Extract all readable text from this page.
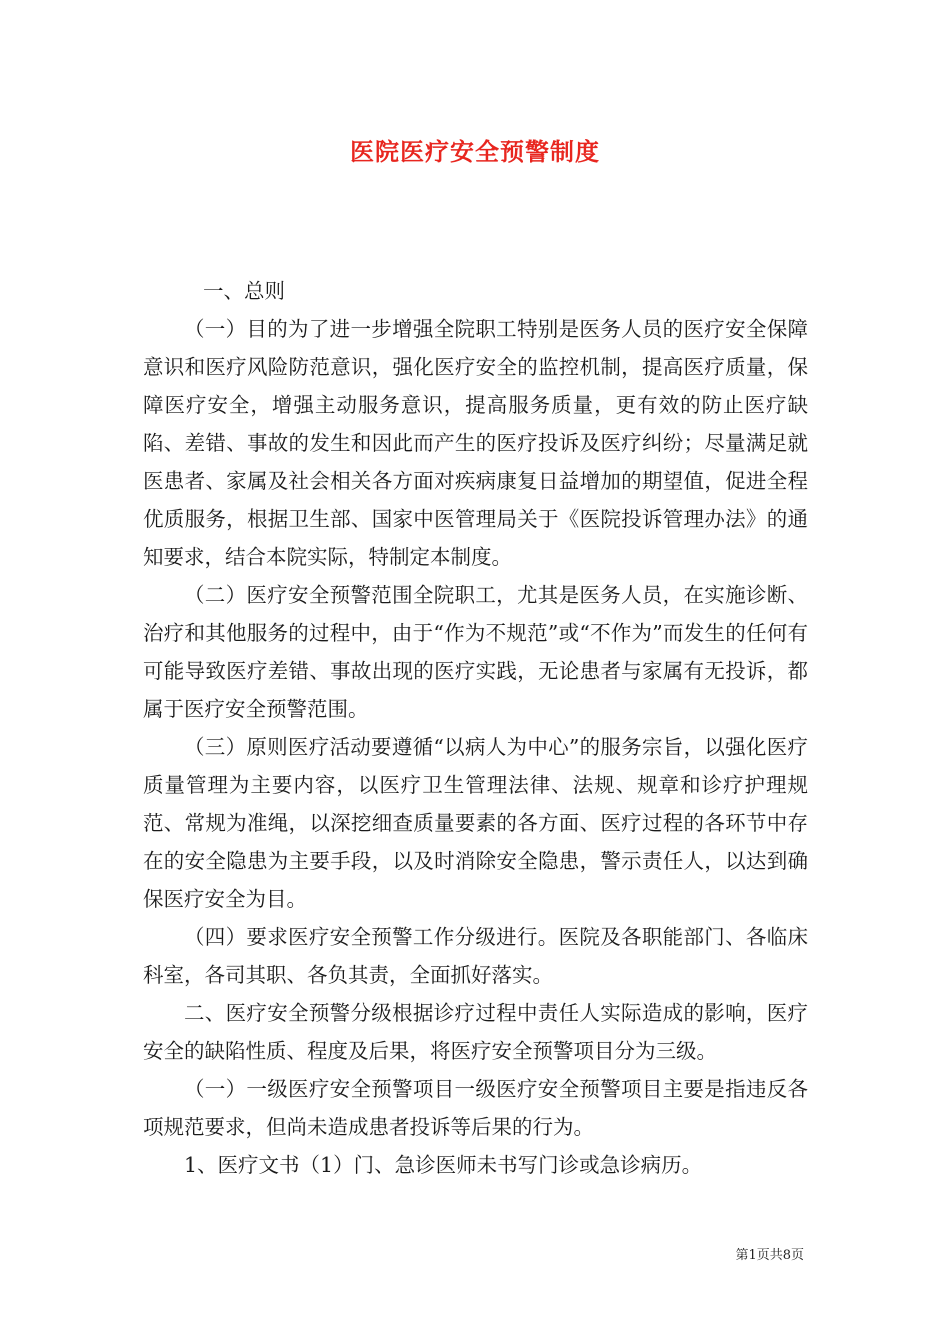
医院医疗安全预警制度

一、总则

（一）目的为了进一步增强全院职工特别是医务人员的医疗安全保障意识和医疗风险防范意识，强化医疗安全的监控机制，提高医疗质量，保障医疗安全，增强主动服务意识，提高服务质量，更有效的防止医疗缺陷、差错、事故的发生和因此而产生的医疗投诉及医疗纠纷；尽量满足就医患者、家属及社会相关各方面对疾病康复日益增加的期望值，促进全程优质服务，根据卫生部、国家中医管理局关于《医院投诉管理办法》的通知要求，结合本院实际，特制定本制度。

（二）医疗安全预警范围全院职工，尤其是医务人员，在实施诊断、治疗和其他服务的过程中，由于“作为不规范”或“不作为”而发生的任何有可能导致医疗差错、事故出现的医疗实践，无论患者与家属有无投诉，都属于医疗安全预警范围。

（三）原则医疗活动要遵循“以病人为中心”的服务宗旨，以强化医疗质量管理为主要内容，以医疗卫生管理法律、法规、规章和诊疗护理规范、常规为准绳，以深挖细查质量要素的各方面、医疗过程的各环节中存在的安全隐患为主要手段，以及时消除安全隐患，警示责任人，以达到确保医疗安全为目。

（四）要求医疗安全预警工作分级进行。医院及各职能部门、各临床科室，各司其职、各负其责，全面抓好落实。

二、医疗安全预警分级根据诊疗过程中责任人实际造成的影响，医疗安全的缺陷性质、程度及后果，将医疗安全预警项目分为三级。

（一）一级医疗安全预警项目一级医疗安全预警项目主要是指违反各项规范要求，但尚未造成患者投诉等后果的行为。

1、医疗文书（1）门、急诊医师未书写门诊或急诊病历。

第1页共8页
